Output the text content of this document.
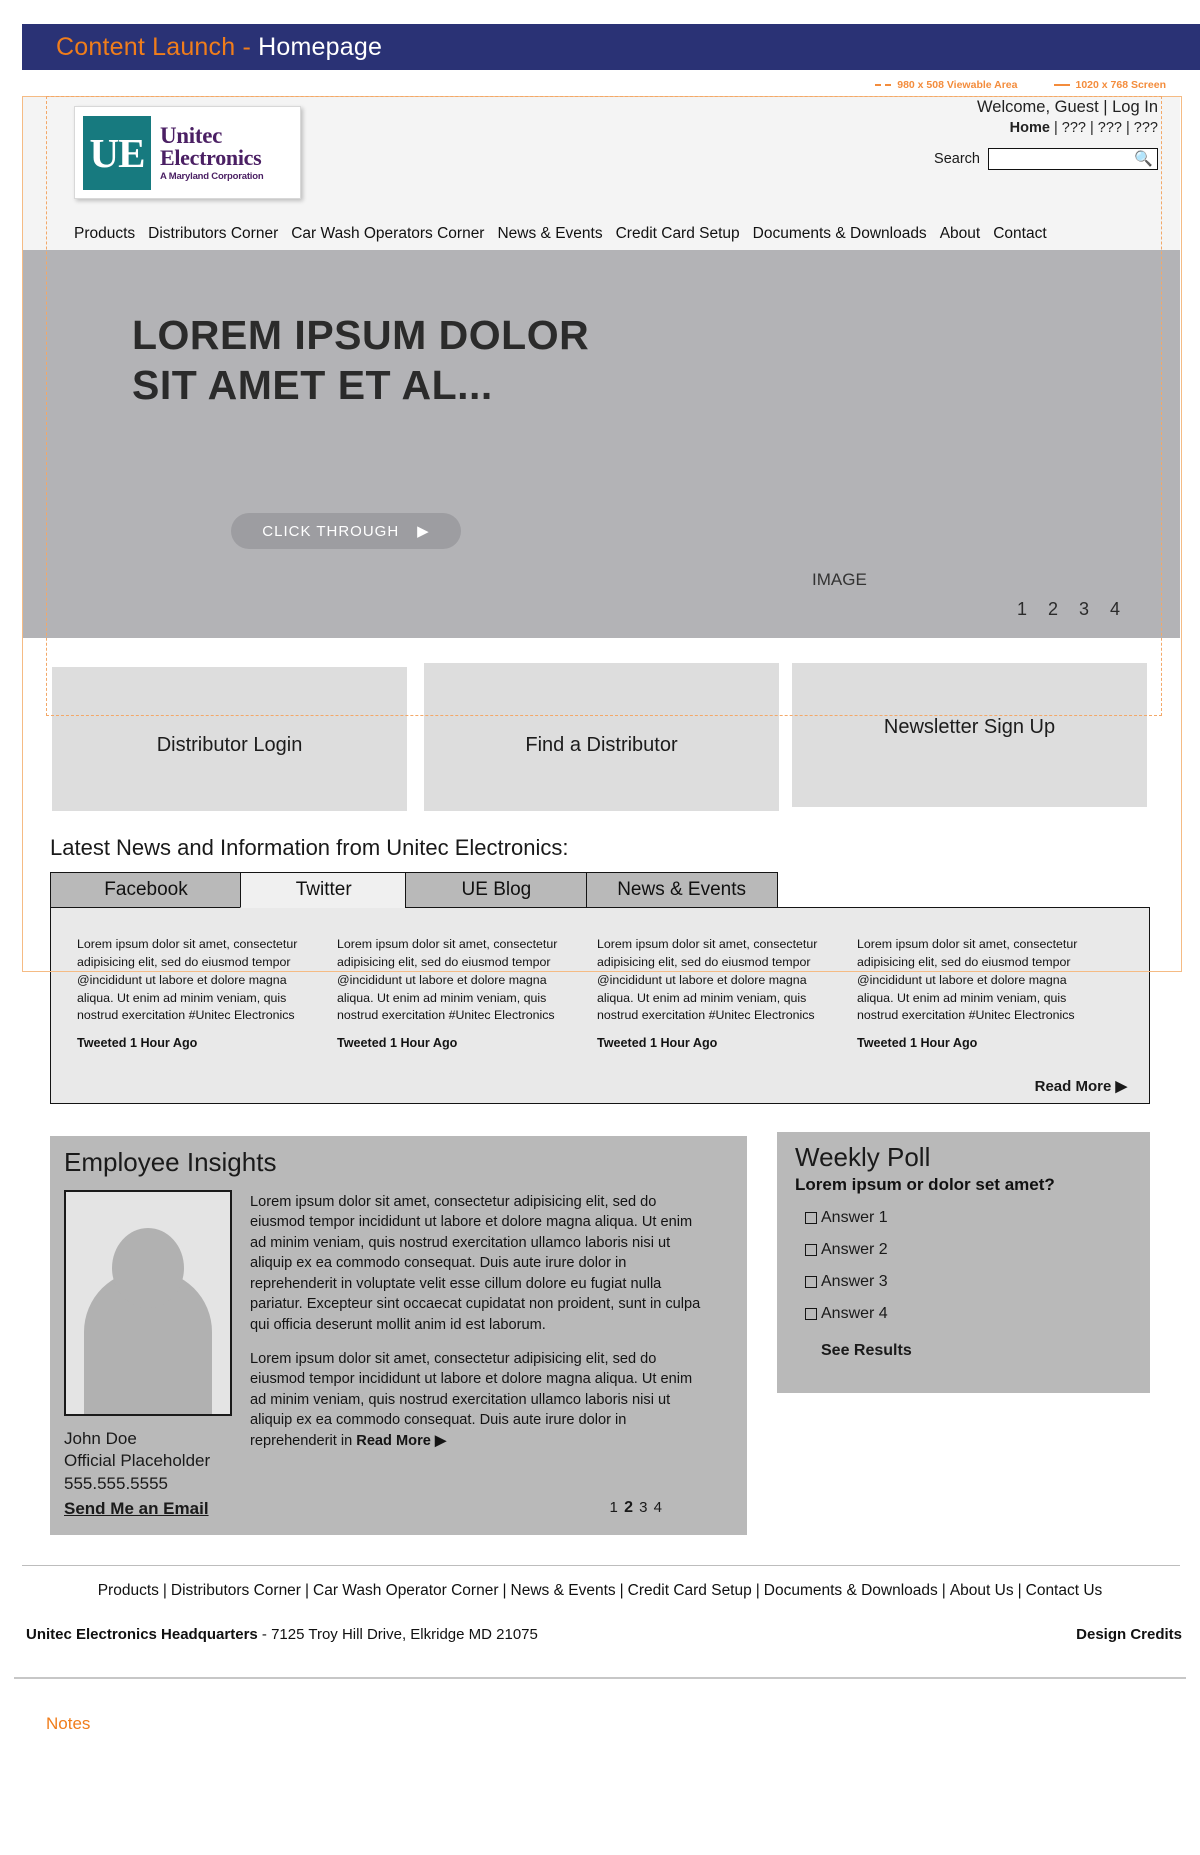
Content Launch - Homepage
980 x 508 Viewable Area	1020 x 768 Screen
UE Unitec
Electronics
A Maryland Corporation
Welcome, Guest | Log In
Home | ??? | ??? | ???
Search	🔍
Products Distributors Corner Car Wash Operators Corner News & Events Credit Card Setup Documents & Downloads About Contact
LOREM IPSUM DOLOR
SIT AMET ET AL...
IMAGE
1 2 3 4
CLICK THROUGH ▶
Distributor Login	Find a Distributor
Newsletter Sign Up
Latest News and Information from Unitec Electronics:
Facebook	Twitter	UE Blog	News & Events
Lorem ipsum dolor sit amet, consectetur adipisicing elit, sed do eiusmod tempor @incididunt ut labore et dolore magna aliqua. Ut enim ad minim veniam, quis nostrud exercitation #Unitec Electronics
Tweeted 1 Hour Ago
Lorem ipsum dolor sit amet, consectetur adipisicing elit, sed do eiusmod tempor @incididunt ut labore et dolore magna aliqua. Ut enim ad minim veniam, quis nostrud exercitation #Unitec Electronics
Tweeted 1 Hour Ago
Lorem ipsum dolor sit amet, consectetur adipisicing elit, sed do eiusmod tempor @incididunt ut labore et dolore magna aliqua. Ut enim ad minim veniam, quis nostrud exercitation #Unitec Electronics
Tweeted 1 Hour Ago
Lorem ipsum dolor sit amet, consectetur adipisicing elit, sed do eiusmod tempor @incididunt ut labore et dolore magna aliqua. Ut enim ad minim veniam, quis nostrud exercitation #Unitec Electronics
Tweeted 1 Hour Ago
Read More ▶
Employee Insights
John Doe
Official Placeholder
555.555.5555
Send Me an Email

Lorem ipsum dolor sit amet, consectetur adipisicing elit, sed do eiusmod tempor incididunt ut labore et dolore magna aliqua. Ut enim ad minim veniam, quis nostrud exercitation ullamco laboris nisi ut aliquip ex ea commodo consequat. Duis aute irure dolor in reprehenderit in voluptate velit esse cillum dolore eu fugiat nulla pariatur. Excepteur sint occaecat cupidatat non proident, sunt in culpa qui officia deserunt mollit anim id est laborum.

Lorem ipsum dolor sit amet, consectetur adipisicing elit, sed do eiusmod tempor incididunt ut labore et dolore magna aliqua. Ut enim ad minim veniam, quis nostrud exercitation ullamco laboris nisi ut aliquip ex ea commodo consequat. Duis aute irure dolor in reprehenderit in Read More ▶

1 2 3 4
Weekly Poll
Lorem ipsum or dolor set amet?
Answer 1
Answer 2
Answer 3
Answer 4
See Results
Products | Distributors Corner | Car Wash Operator Corner | News & Events | Credit Card Setup | Documents & Downloads | About Us | Contact Us
Unitec Electronics Headquarters - 7125 Troy Hill Drive, Elkridge MD 21075	Design Credits
Notes
